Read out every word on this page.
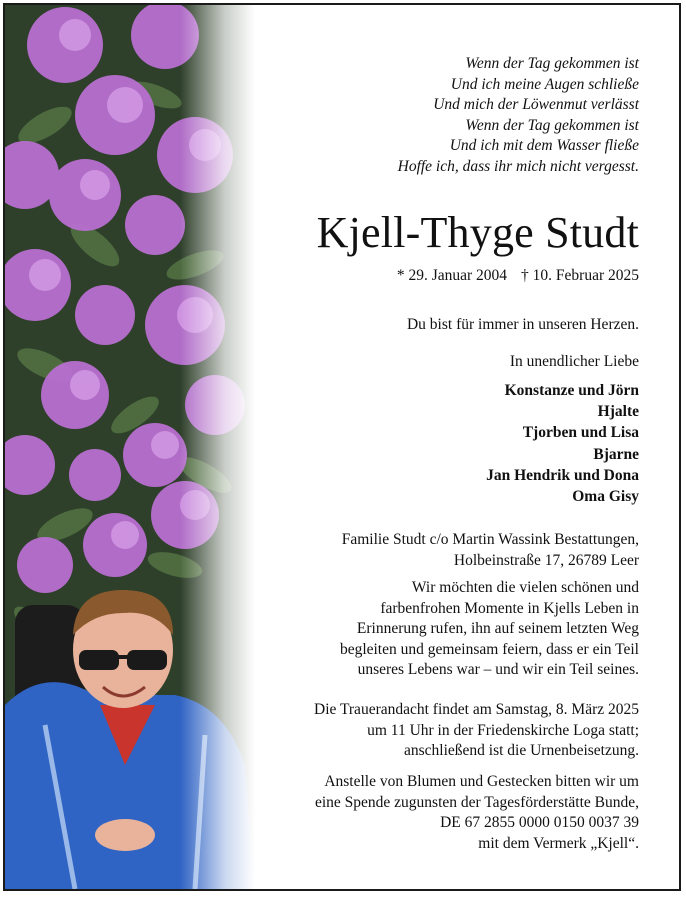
Wenn der Tag gekommen ist
Und ich meine Augen schließe
Und mich der Löwenmut verlässt
Wenn der Tag gekommen ist
Und ich mit dem Wasser fließe
Hoffe ich, dass ihr mich nicht vergesst.
Kjell-Thyge Studt
* 29. Januar 2004 † 10. Februar 2025
Du bist für immer in unseren Herzen.
In unendlicher Liebe
Konstanze und Jörn
Hjalte
Tjorben und Lisa
Bjarne
Jan Hendrik und Dona
Oma Gisy
Familie Studt c/o Martin Wassink Bestattungen,
Holbeinstraße 17, 26789 Leer
Wir möchten die vielen schönen und
farbenfrohen Momente in Kjells Leben in
Erinnerung rufen, ihn auf seinem letzten Weg
begleiten und gemeinsam feiern, dass er ein Teil
unseres Lebens war – und wir ein Teil seines.
Die Trauerandacht findet am Samstag, 8. März 2025
um 11 Uhr in der Friedenskirche Loga statt;
anschließend ist die Urnenbeisetzung.
Anstelle von Blumen und Gestecken bitten wir um
eine Spende zugunsten der Tagesförderstätte Bunde,
DE 67 2855 0000 0150 0037 39
mit dem Vermerk „Kjell“.
